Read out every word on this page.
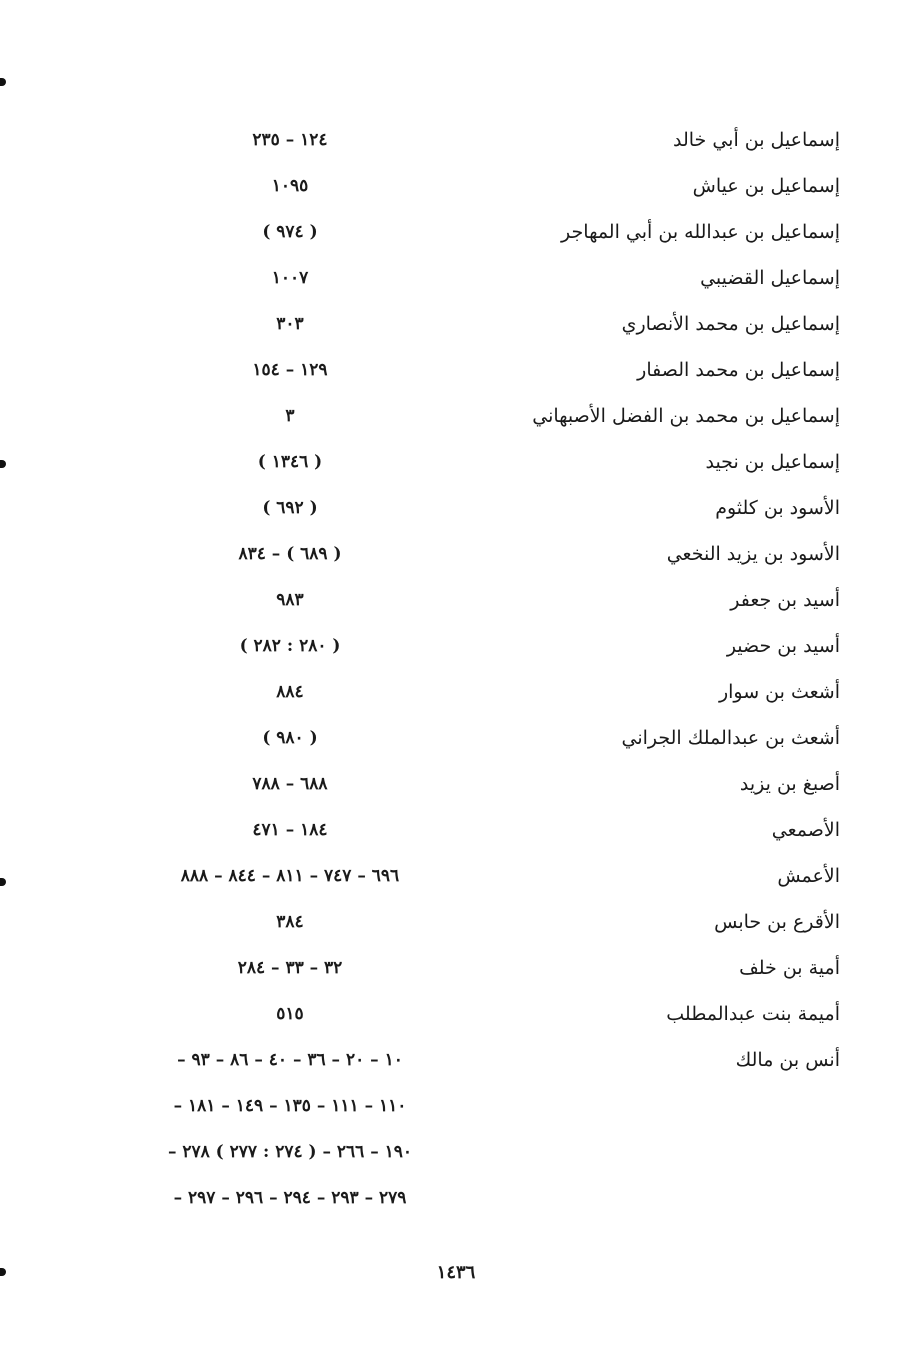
إسماعيل بن أبي خالد
١٢٤ – ٢٣٥
إسماعيل بن عياش
١٠٩٥
إسماعيل بن عبدالله بن أبي المهاجر
( ٩٧٤ )
إسماعيل القضيبي
١٠٠٧
إسماعيل بن محمد الأنصاري
٣٠٣
إسماعيل بن محمد الصفار
١٢٩ – ١٥٤
إسماعيل بن محمد بن الفضل الأصبهاني
٣
إسماعيل بن نجيد
( ١٣٤٦ )
الأسود بن كلثوم
( ٦٩٢ )
الأسود بن يزيد النخعي
( ٦٨٩ ) – ٨٣٤
أسيد بن جعفر
٩٨٣
أسيد بن حضير
( ٢٨٠ : ٢٨٢ )
أشعث بن سوار
٨٨٤
أشعث بن عبدالملك الجراني
( ٩٨٠ )
أصبغ بن يزيد
٦٨٨ – ٧٨٨
الأصمعي
١٨٤ – ٤٧١
الأعمش
٦٩٦ – ٧٤٧ – ٨١١ – ٨٤٤ – ٨٨٨
الأقرع بن حابس
٣٨٤
أمية بن خلف
٣٢ – ٣٣ – ٢٨٤
أميمة بنت عبدالمطلب
٥١٥
أنس بن مالك
١٠ – ٢٠ – ٣٦ – ٤٠ – ٨٦ – ٩٣ –
١١٠ – ١١١ – ١٣٥ – ١٤٩ – ١٨١ –
١٩٠ – ٢٦٦ – ( ٢٧٤ : ٢٧٧ ) ٢٧٨ –
٢٧٩ – ٢٩٣ – ٢٩٤ – ٢٩٦ – ٢٩٧ –
١٤٣٦
